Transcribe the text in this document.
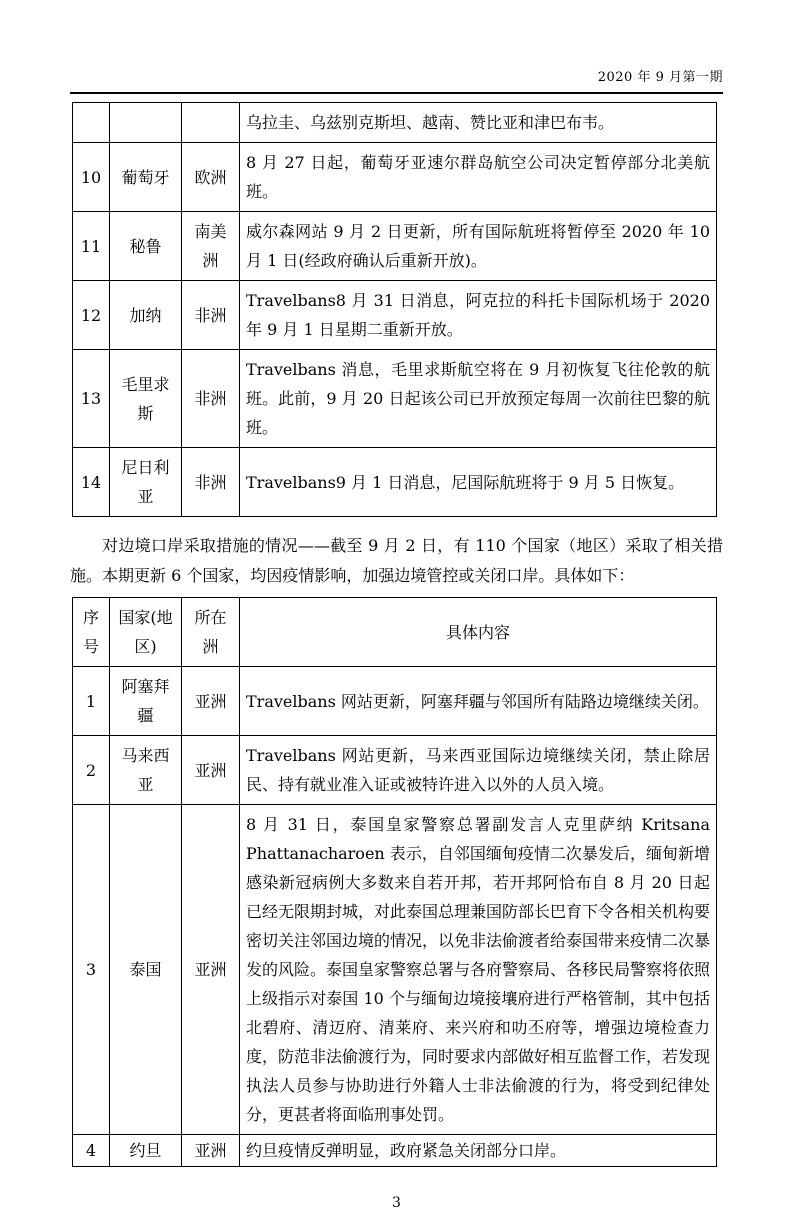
2020 年 9 月第一期
			乌拉圭、乌兹别克斯坦、越南、赞比亚和津巴布韦。
10	葡萄牙	欧洲	8 月 27 日起，葡萄牙亚速尔群岛航空公司决定暂停部分北美航班。
11	秘鲁	南美洲	威尔森网站 9 月 2 日更新，所有国际航班将暂停至 2020 年 10 月 1 日(经政府确认后重新开放)。
12	加纳	非洲	Travelbans8 月 31 日消息，阿克拉的科托卡国际机场于 2020 年 9 月 1 日星期二重新开放。
13	毛里求斯	非洲	Travelbans 消息，毛里求斯航空将在 9 月初恢复飞往伦敦的航班。此前，9 月 20 日起该公司已开放预定每周一次前往巴黎的航班。
14	尼日利亚	非洲	Travelbans9 月 1 日消息，尼国际航班将于 9 月 5 日恢复。

对边境口岸采取措施的情况——截至 9 月 2 日，有 110 个国家（地区）采取了相关措施。本期更新 6 个国家，均因疫情影响，加强边境管控或关闭口岸。具体如下：

序号	国家(地区)	所在洲	具体内容
1	阿塞拜疆	亚洲	Travelbans 网站更新，阿塞拜疆与邻国所有陆路边境继续关闭。
2	马来西亚	亚洲	Travelbans 网站更新，马来西亚国际边境继续关闭，禁止除居民、持有就业准入证或被特许进入以外的人员入境。
3	泰国	亚洲	8 月 31 日，泰国皇家警察总署副发言人克里萨纳 Kritsana Phattanacharoen 表示，自邻国缅甸疫情二次暴发后，缅甸新增感染新冠病例大多数来自若开邦，若开邦阿恰布自 8 月 20 日起已经无限期封城，对此泰国总理兼国防部长巴育下令各相关机构要密切关注邻国边境的情况，以免非法偷渡者给泰国带来疫情二次暴发的风险。泰国皇家警察总署与各府警察局、各移民局警察将依照上级指示对泰国 10 个与缅甸边境接壤府进行严格管制，其中包括北碧府、清迈府、清莱府、来兴府和叻丕府等，增强边境检查力度，防范非法偷渡行为，同时要求内部做好相互监督工作，若发现执法人员参与协助进行外籍人士非法偷渡的行为，将受到纪律处分，更甚者将面临刑事处罚。
4	约旦	亚洲	约旦疫情反弹明显，政府紧急关闭部分口岸。
3
